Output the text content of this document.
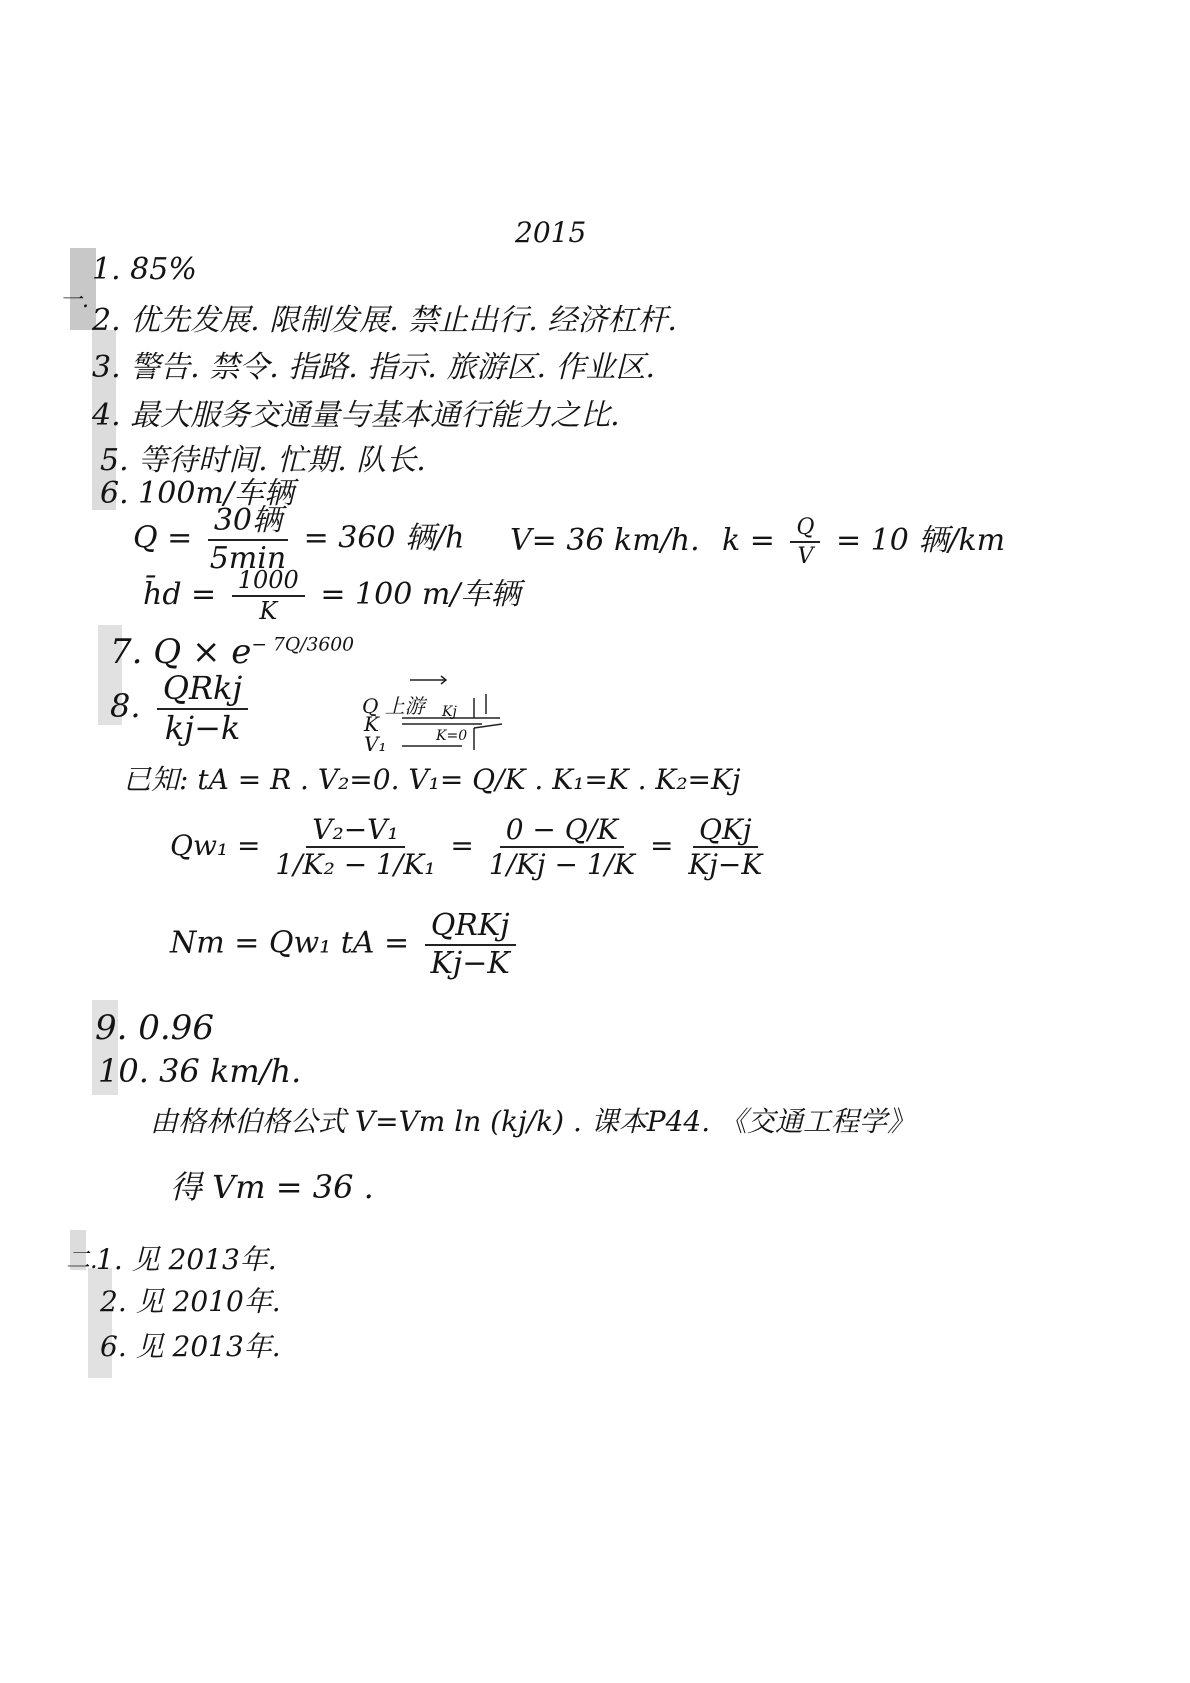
2015
一.
1. 85%
2. 优先发展. 限制发展. 禁止出行. 经济杠杆.
3. 警告. 禁令. 指路. 指示. 旅游区. 作业区.
4. 最大服务交通量与基本通行能力之比.
5. 等待时间. 忙期. 队长.
6. 100m/车辆
$Q = \frac{\text{30辆}}{5\min} = 360$ 辆/h V= 36 km/h. $k = \frac{Q}{V} = 10$ 辆/km
h̄d = $\frac{1000}{K} = 100$ m/车辆
7. $Q \times e^{- 7Q/3600}$
8. $\frac{\text{QRkj}}{kj-k}$	Q 上游
K
V₁
Kj
K=0
已知: tA = R . V₂=0. V₁= Q/K . K₁=K . K₂=Kj
$Qw_1 = \frac{\text{V₂−V₁}}{\text{1/K₂ − 1/K₁}} = \frac{0 - Q/K}{1/Kj - 1/K} = \frac{\text{QKj}}{Kj-K}$
Nm = Qw₁ tA = $\frac{\text{QRKj}}{Kj-K}$
9. 0.96
10. 36 km/h.
由格林伯格公式 V=Vm ln (kj/k) . 课本P44. 《交通工程学》
得 Vm = 36 .
二.
1. 见 2013年.
2. 见 2010年.
6. 见 2013年.
